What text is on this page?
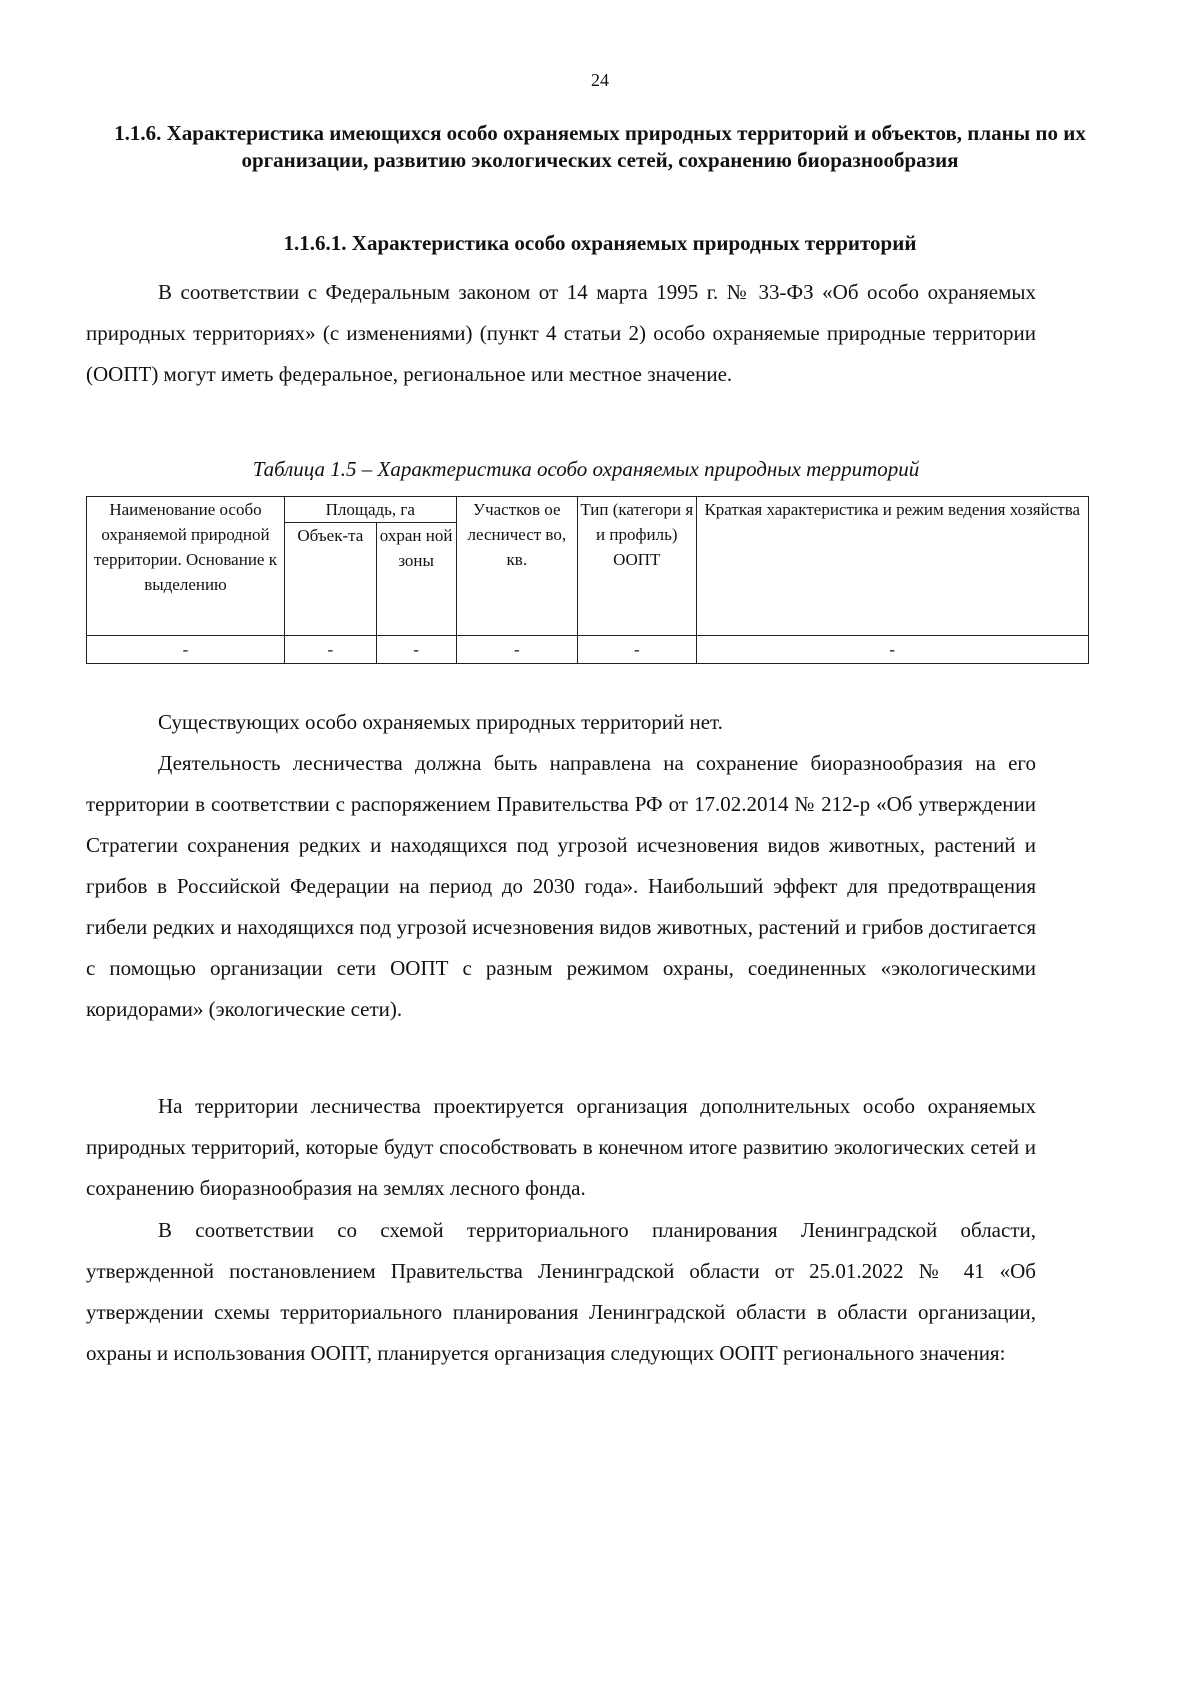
24
1.1.6. Характеристика имеющихся особо охраняемых природных территорий и объектов, планы по их организации, развитию экологических сетей, сохранению биоразнообразия
1.1.6.1. Характеристика особо охраняемых природных территорий
В соответствии с Федеральным законом от 14 марта 1995 г. № 33-ФЗ «Об особо охраняемых природных территориях» (с изменениями) (пункт 4 статьи 2) особо охраняемые природные территории (ООПТ) могут иметь федеральное, региональное или местное значение.
Таблица 1.5 – Характеристика особо охраняемых природных территорий
Наименование особо охраняемой природной территории. Основание к выделению	Площадь, га		Участков ое лесничест во, кв.	Тип (категори я и профиль) ООПТ	Краткая характеристика и режим ведения хозяйства
	Объек-та	охран ной зоны			
-	-	-	-	-	-
Существующих особо охраняемых природных территорий нет.
Деятельность лесничества должна быть направлена на сохранение биоразнообразия на его территории в соответствии с распоряжением Правительства РФ от 17.02.2014 № 212-р «Об утверждении Стратегии сохранения редких и находящихся под угрозой исчезновения видов животных, растений и грибов в Российской Федерации на период до 2030 года». Наибольший эффект для предотвращения гибели редких и находящихся под угрозой исчезновения видов животных, растений и грибов достигается с помощью организации сети ООПТ с разным режимом охраны, соединенных «экологическими коридорами» (экологические сети).
На территории лесничества проектируется организация дополнительных особо охраняемых природных территорий, которые будут способствовать в конечном итоге развитию экологических сетей и сохранению биоразнообразия на землях лесного фонда.
В соответствии со схемой территориального планирования Ленинградской области, утвержденной постановлением Правительства Ленинградской области от 25.01.2022 № 41 «Об утверждении схемы территориального планирования Ленинградской области в области организации, охраны и использования ООПТ, планируется организация следующих ООПТ регионального значения:
